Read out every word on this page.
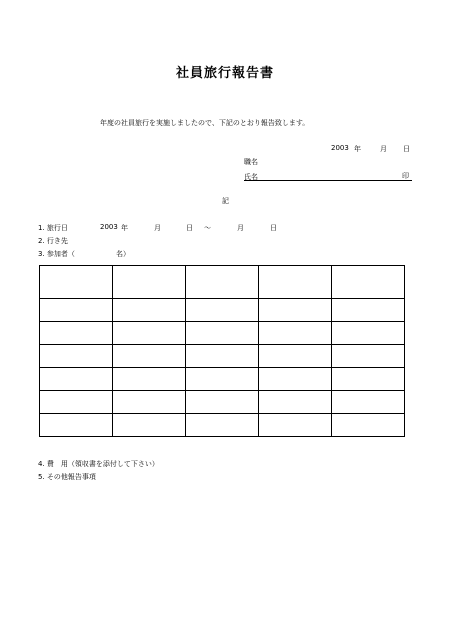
社員旅行報告書
年度の社員旅行を実施しましたので、下記のとおり報告致します。
2003 年	月 日
職名
氏名	印
記
1. 旅行日	2003 年	月	日 ～	月	日
2. 行き先
3. 参加者（	名）

4. 費　用（領収書を添付して下さい）
5. その他報告事項
